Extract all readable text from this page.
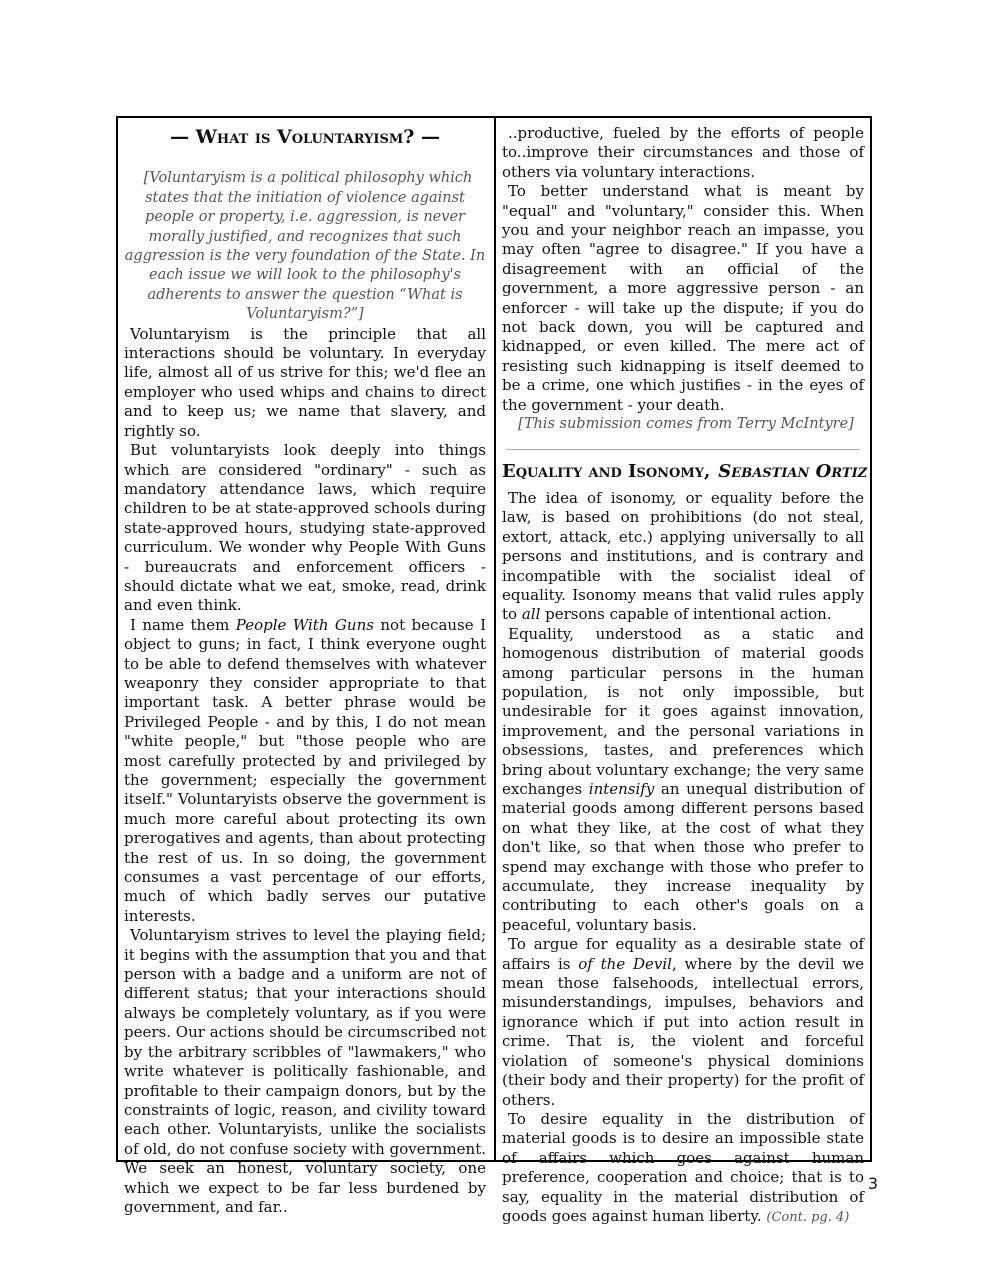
— What is Voluntaryism? —

[Voluntaryism is a political philosophy which states that the initiation of violence against people or property, i.e. aggression, is never morally justified, and recognizes that such aggression is the very foundation of the State. In each issue we will look to the philosophy's adherents to answer the question “What is Voluntaryism?”]

Voluntaryism is the principle that all interactions should be voluntary. In everyday life, almost all of us strive for this; we'd flee an employer who used whips and chains to direct and to keep us; we name that slavery, and rightly so.

But voluntaryists look deeply into things which are considered "ordinary" - such as mandatory attendance laws, which require children to be at state-approved schools during state-approved hours, studying state-approved curriculum. We wonder why People With Guns - bureaucrats and enforcement officers - should dictate what we eat, smoke, read, drink and even think.

I name them People With Guns not because I object to guns; in fact, I think everyone ought to be able to defend themselves with whatever weaponry they consider appropriate to that important task. A better phrase would be Privileged People - and by this, I do not mean "white people," but "those people who are most carefully protected by and privileged by the government; especially the government itself." Voluntaryists observe the government is much more careful about protecting its own prerogatives and agents, than about protecting the rest of us. In so doing, the government consumes a vast percentage of our efforts, much of which badly serves our putative interests.

Voluntaryism strives to level the playing field; it begins with the assumption that you and that person with a badge and a uniform are not of different status; that your interactions should always be completely voluntary, as if you were peers. Our actions should be circumscribed not by the arbitrary scribbles of "lawmakers," who write whatever is politically fashionable, and profitable to their campaign donors, but by the constraints of logic, reason, and civility toward each other. Voluntaryists, unlike the socialists of old, do not confuse society with government. We seek an honest, voluntary society, one which we expect to be far less burdened by government, and far..

..productive, fueled by the efforts of people to..improve their circumstances and those of others via voluntary interactions.

To better understand what is meant by "equal" and "voluntary," consider this. When you and your neighbor reach an impasse, you may often "agree to disagree." If you have a disagreement with an official of the government, a more aggressive person - an enforcer - will take up the dispute; if you do not back down, you will be captured and kidnapped, or even killed. The mere act of resisting such kidnapping is itself deemed to be a crime, one which justifies - in the eyes of the government - your death.

[This submission comes from Terry McIntyre]

Equality and Isonomy, Sebastian Ortiz

The idea of isonomy, or equality before the law, is based on prohibitions (do not steal, extort, attack, etc.) applying universally to all persons and institutions, and is contrary and incompatible with the socialist ideal of equality. Isonomy means that valid rules apply to all persons capable of intentional action.

Equality, understood as a static and homogenous distribution of material goods among particular persons in the human population, is not only impossible, but undesirable for it goes against innovation, improvement, and the personal variations in obsessions, tastes, and preferences which bring about voluntary exchange; the very same exchanges intensify an unequal distribution of material goods among different persons based on what they like, at the cost of what they don't like, so that when those who prefer to spend may exchange with those who prefer to accumulate, they increase inequality by contributing to each other's goals on a peaceful, voluntary basis.

To argue for equality as a desirable state of affairs is of the Devil, where by the devil we mean those falsehoods, intellectual errors, misunderstandings, impulses, behaviors and ignorance which if put into action result in crime. That is, the violent and forceful violation of someone's physical dominions (their body and their property) for the profit of others.

To desire equality in the distribution of material goods is to desire an impossible state of affairs which goes against human preference, cooperation and choice; that is to say, equality in the material distribution of goods goes against human liberty. (Cont. pg. 4)

3
